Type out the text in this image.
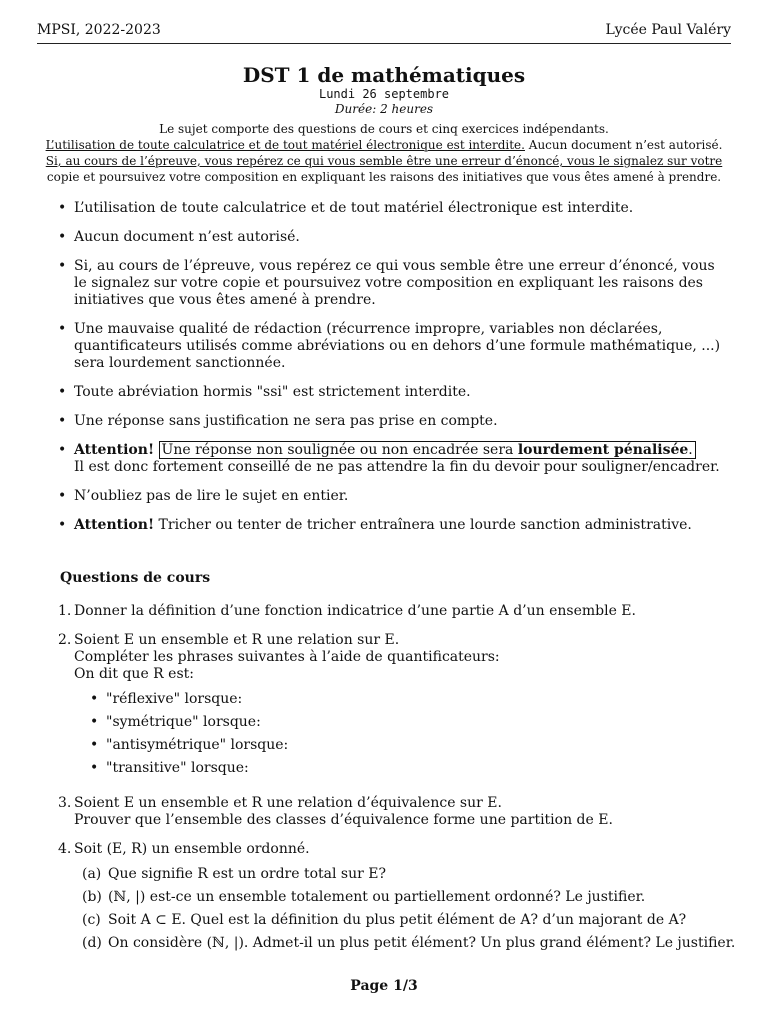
MPSI, 2022-2023	Lycée Paul Valéry
DST 1 de mathématiques
Lundi 26 septembre
Durée: 2 heures
Le sujet comporte des questions de cours et cinq exercices indépendants.
L’utilisation de toute calculatrice et de tout matériel électronique est interdite. Aucun document n’est autorisé.
Si, au cours de l’épreuve, vous repérez ce qui vous semble être une erreur d’énoncé, vous le signalez sur votre
copie et poursuivez votre composition en expliquant les raisons des initiatives que vous êtes amené à prendre.
• L’utilisation de toute calculatrice et de tout matériel électronique est interdite.
• Aucun document n’est autorisé.
• Si, au cours de l’épreuve, vous repérez ce qui vous semble être une erreur d’énoncé, vous le signalez sur votre copie et poursuivez votre composition en expliquant les raisons des initiatives que vous êtes amené à prendre.
• Une mauvaise qualité de rédaction (récurrence impropre, variables non déclarées, quantificateurs utilisés comme abréviations ou en dehors d’une formule mathématique, ...) sera lourdement sanctionnée.
• Toute abréviation hormis "ssi" est strictement interdite.
• Une réponse sans justification ne sera pas prise en compte.
• Attention! Une réponse non soulignée ou non encadrée sera lourdement pénalisée.
Il est donc fortement conseillé de ne pas attendre la fin du devoir pour souligner/encadrer.
• N’oubliez pas de lire le sujet en entier.
• Attention! Tricher ou tenter de tricher entraînera une lourde sanction administrative.
Questions de cours
1. Donner la définition d’une fonction indicatrice d’une partie A d’un ensemble E.
2. Soient E un ensemble et R une relation sur E.
Compléter les phrases suivantes à l’aide de quantificateurs:
On dit que R est:
• "réflexive" lorsque:
• "symétrique" lorsque:
• "antisymétrique" lorsque:
• "transitive" lorsque:
3. Soient E un ensemble et R une relation d’équivalence sur E.
Prouver que l’ensemble des classes d’équivalence forme une partition de E.
4. Soit (E, R) un ensemble ordonné.
(a) Que signifie R est un ordre total sur E?
(b) (ℕ, |) est-ce un ensemble totalement ou partiellement ordonné? Le justifier.
(c) Soit A ⊂ E. Quel est la définition du plus petit élément de A? d’un majorant de A?
(d) On considère (ℕ, |). Admet-il un plus petit élément? Un plus grand élément? Le justifier.
Page 1/3
